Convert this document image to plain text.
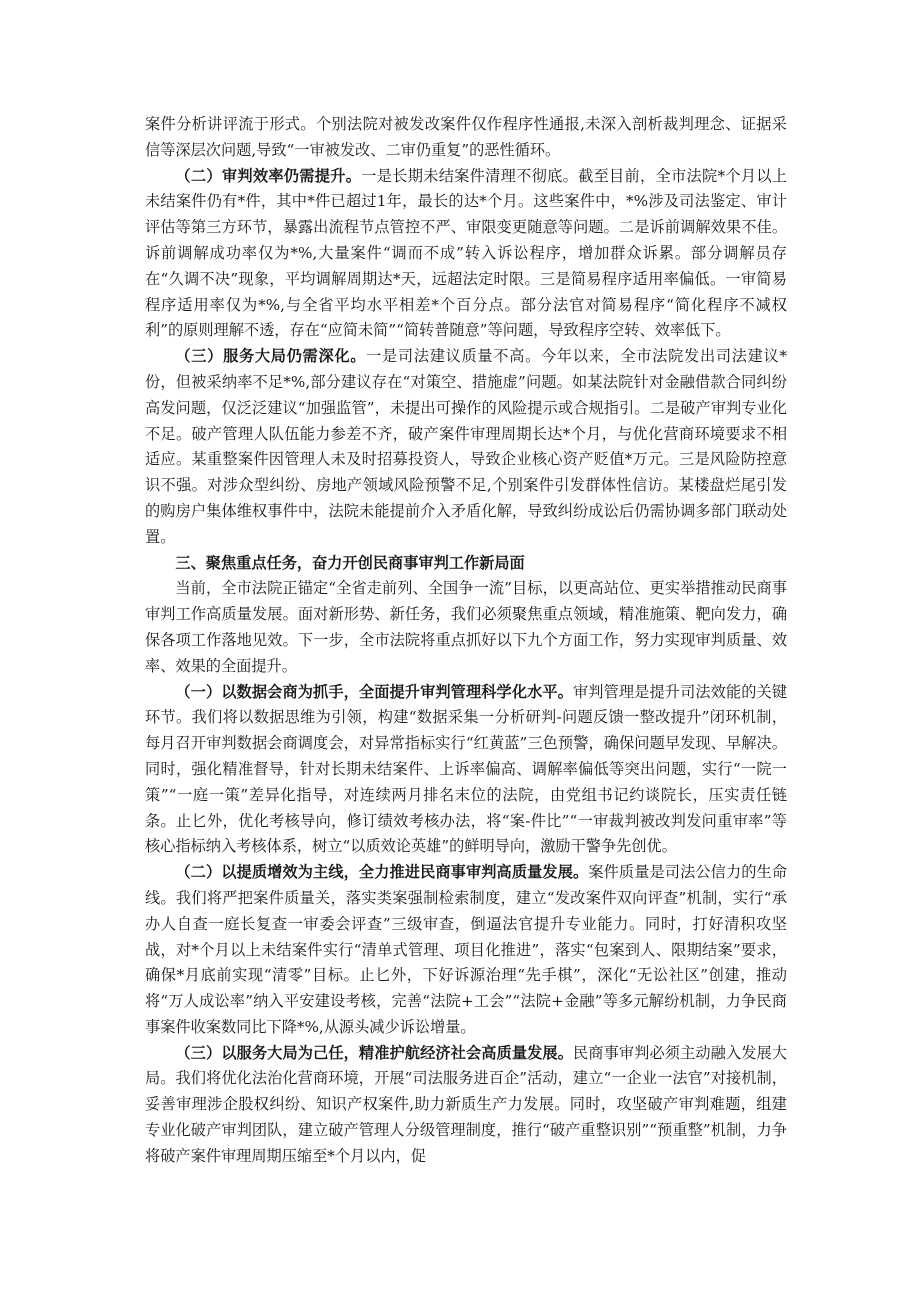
案件分析讲评流于形式。个别法院对被发改案件仅作程序性通报,未深入剖析裁判理念、证据采信等深层次问题,导致“一审被发改、二审仍重复”的恶性循环。

（二）审判效率仍需提升。一是长期未结案件清理不彻底。截至目前，全市法院*个月以上未结案件仍有*件，其中*件已超过1年，最长的达*个月。这些案件中，*%涉及司法鉴定、审计评估等第三方环节，暴露出流程节点管控不严、审限变更随意等问题。二是诉前调解效果不佳。诉前调解成功率仅为*%,大量案件“调而不成”转入诉讼程序，增加群众诉累。部分调解员存在“久调不决”现象，平均调解周期达*天，远超法定时限。三是简易程序适用率偏低。一审简易程序适用率仅为*%,与全省平均水平相差*个百分点。部分法官对简易程序“简化程序不减权利”的原则理解不透，存在“应简未简”“简转普随意”等问题，导致程序空转、效率低下。

（三）服务大局仍需深化。一是司法建议质量不高。今年以来，全市法院发出司法建议*份，但被采纳率不足*%,部分建议存在“对策空、措施虚”问题。如某法院针对金融借款合同纠纷高发问题，仅泛泛建议“加强监管”，未提出可操作的风险提示或合规指引。二是破产审判专业化不足。破产管理人队伍能力参差不齐，破产案件审理周期长达*个月，与优化营商环境要求不相适应。某重整案件因管理人未及时招募投资人，导致企业核心资产贬值*万元。三是风险防控意识不强。对涉众型纠纷、房地产领域风险预警不足,个别案件引发群体性信访。某楼盘烂尾引发的购房户集体维权事件中，法院未能提前介入矛盾化解，导致纠纷成讼后仍需协调多部门联动处置。

三、聚焦重点任务，奋力开创民商事审判工作新局面

当前，全市法院正锚定“全省走前列、全国争一流”目标，以更高站位、更实举措推动民商事审判工作高质量发展。面对新形势、新任务，我们必须聚焦重点领域，精准施策、靶向发力，确保各项工作落地见效。下一步，全市法院将重点抓好以下九个方面工作，努力实现审判质量、效率、效果的全面提升。

（一）以数据会商为抓手，全面提升审判管理科学化水平。审判管理是提升司法效能的关键环节。我们将以数据思维为引领，构建“数据采集一分析研判-问题反馈一整改提升”闭环机制，每月召开审判数据会商调度会，对异常指标实行“红黄蓝”三色预警，确保问题早发现、早解决。同时，强化精准督导，针对长期未结案件、上诉率偏高、调解率偏低等突出问题，实行“一院一策”“一庭一策”差异化指导，对连续两月排名末位的法院，由党组书记约谈院长，压实责任链条。止匕外，优化考核导向，修订绩效考核办法，将“案-件比”“一审裁判被改判发问重审率”等核心指标纳入考核体系，树立“以质效论英雄”的鲜明导向，激励干警争先创优。

（二）以提质增效为主线，全力推进民商事审判高质量发展。案件质量是司法公信力的生命线。我们将严把案件质量关，落实类案强制检索制度，建立“发改案件双向评查”机制，实行“承办人自查一庭长复查一审委会评查”三级审查，倒逼法官提升专业能力。同时，打好清积攻坚战，对*个月以上未结案件实行“清单式管理、项目化推进”，落实“包案到人、限期结案”要求，确保*月底前实现“清零”目标。止匕外，下好诉源治理“先手棋”，深化“无讼社区”创建，推动将“万人成讼率”纳入平安建设考核，完善“法院+工会”“法院+金融”等多元解纷机制，力争民商事案件收案数同比下降*%,从源头减少诉讼增量。

（三）以服务大局为己任，精准护航经济社会高质量发展。民商事审判必须主动融入发展大局。我们将优化法治化营商环境，开展“司法服务进百企”活动，建立“一企业一法官”对接机制，妥善审理涉企股权纠纷、知识产权案件,助力新质生产力发展。同时，攻坚破产审判难题，组建专业化破产审判团队，建立破产管理人分级管理制度，推行“破产重整识别”“预重整”机制，力争将破产案件审理周期压缩至*个月以内，促
